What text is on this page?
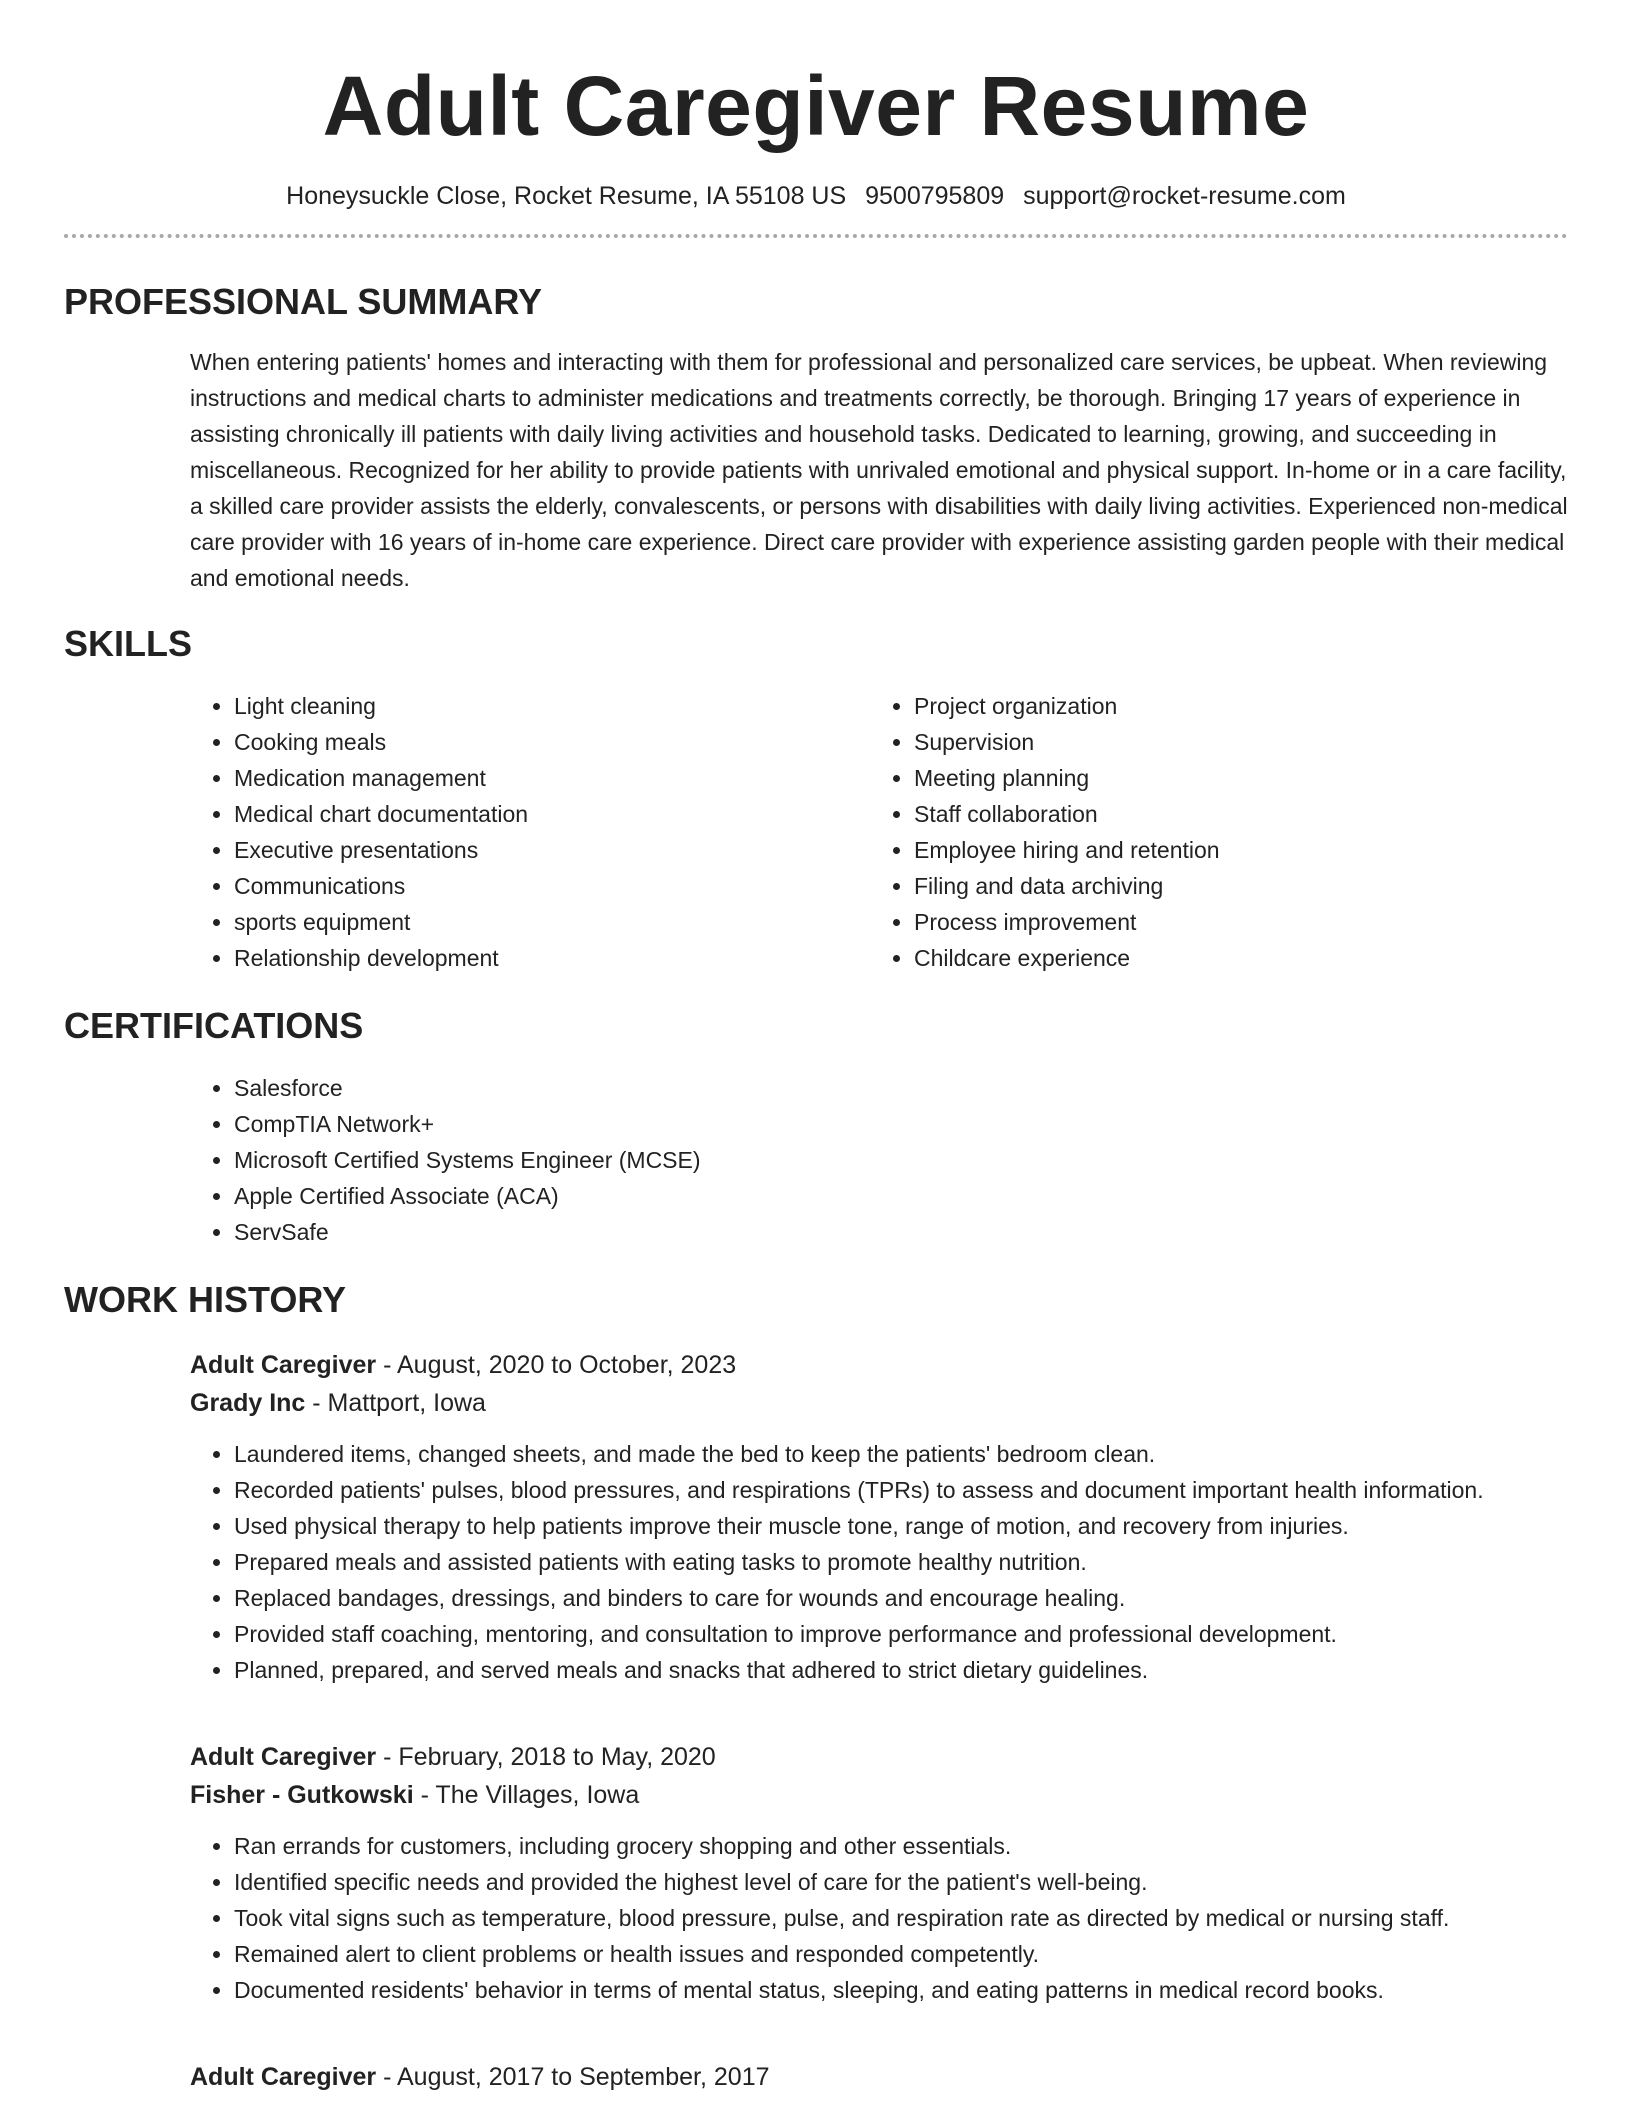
Adult Caregiver Resume
Honeysuckle Close, Rocket Resume, IA 55108 US 9500795809 support@rocket-resume.com
PROFESSIONAL SUMMARY

When entering patients' homes and interacting with them for professional and personalized care services, be upbeat. When reviewing instructions and medical charts to administer medications and treatments correctly, be thorough. Bringing 17 years of experience in assisting chronically ill patients with daily living activities and household tasks. Dedicated to learning, growing, and succeeding in miscellaneous. Recognized for her ability to provide patients with unrivaled emotional and physical support. In-home or in a care facility, a skilled care provider assists the elderly, convalescents, or persons with disabilities with daily living activities. Experienced non-medical care provider with 16 years of in-home care experience. Direct care provider with experience assisting garden people with their medical and emotional needs.

SKILLS
• Light cleaning
• Cooking meals
• Medication management
• Medical chart documentation
• Executive presentations
• Communications
• sports equipment
• Relationship development
• Project organization
• Supervision
• Meeting planning
• Staff collaboration
• Employee hiring and retention
• Filing and data archiving
• Process improvement
• Childcare experience
CERTIFICATIONS
• Salesforce
• CompTIA Network+
• Microsoft Certified Systems Engineer (MCSE)
• Apple Certified Associate (ACA)
• ServSafe
WORK HISTORY
Adult Caregiver - August, 2020 to October, 2023
Grady Inc - Mattport, Iowa
• Laundered items, changed sheets, and made the bed to keep the patients' bedroom clean.
• Recorded patients' pulses, blood pressures, and respirations (TPRs) to assess and document important health information.
• Used physical therapy to help patients improve their muscle tone, range of motion, and recovery from injuries.
• Prepared meals and assisted patients with eating tasks to promote healthy nutrition.
• Replaced bandages, dressings, and binders to care for wounds and encourage healing.
• Provided staff coaching, mentoring, and consultation to improve performance and professional development.
• Planned, prepared, and served meals and snacks that adhered to strict dietary guidelines.
Adult Caregiver - February, 2018 to May, 2020
Fisher - Gutkowski - The Villages, Iowa
• Ran errands for customers, including grocery shopping and other essentials.
• Identified specific needs and provided the highest level of care for the patient's well-being.
• Took vital signs such as temperature, blood pressure, pulse, and respiration rate as directed by medical or nursing staff.
• Remained alert to client problems or health issues and responded competently.
• Documented residents' behavior in terms of mental status, sleeping, and eating patterns in medical record books.
Adult Caregiver - August, 2017 to September, 2017
